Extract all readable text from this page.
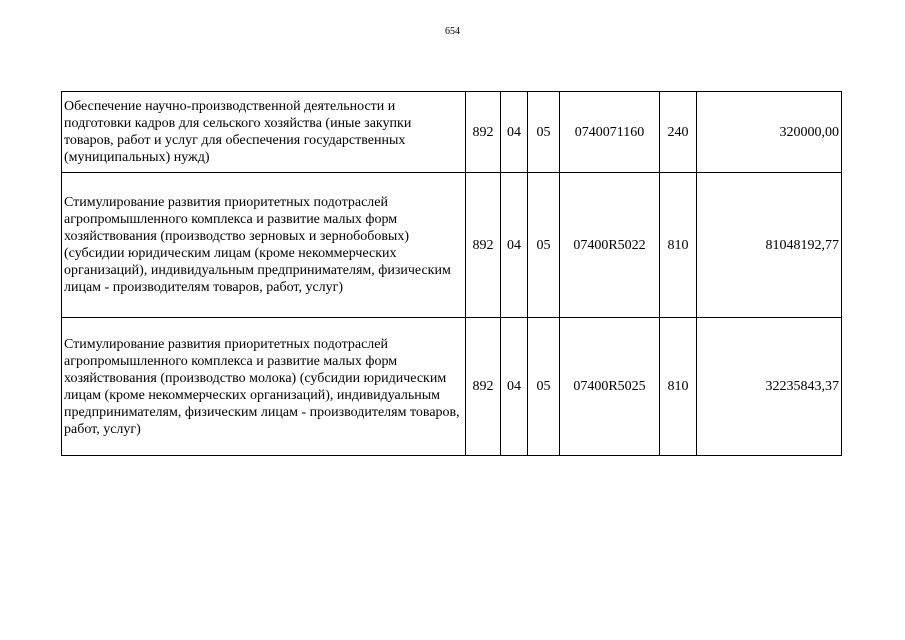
654
Обеспечение научно-производственной деятельности и подготовки кадров для сельского хозяйства (иные закупки товаров, работ и услуг для обеспечения государственных (муниципальных) нужд)	892	04	05	0740071160	240	320000,00
Стимулирование развития приоритетных подотраслей агропромышленного комплекса и развитие малых форм хозяйствования (производство зерновых и зернобобовых) (субсидии юридическим лицам (кроме некоммерческих организаций), индивидуальным предпринимателям, физическим лицам - производителям товаров, работ, услуг)	892	04	05	07400R5022	810	81048192,77
Стимулирование развития приоритетных подотраслей агропромышленного комплекса и развитие малых форм хозяйствования (производство молока) (субсидии юридическим лицам (кроме некоммерческих организаций), индивидуальным предпринимателям, физическим лицам - производителям товаров, работ, услуг)	892	04	05	07400R5025	810	32235843,37
